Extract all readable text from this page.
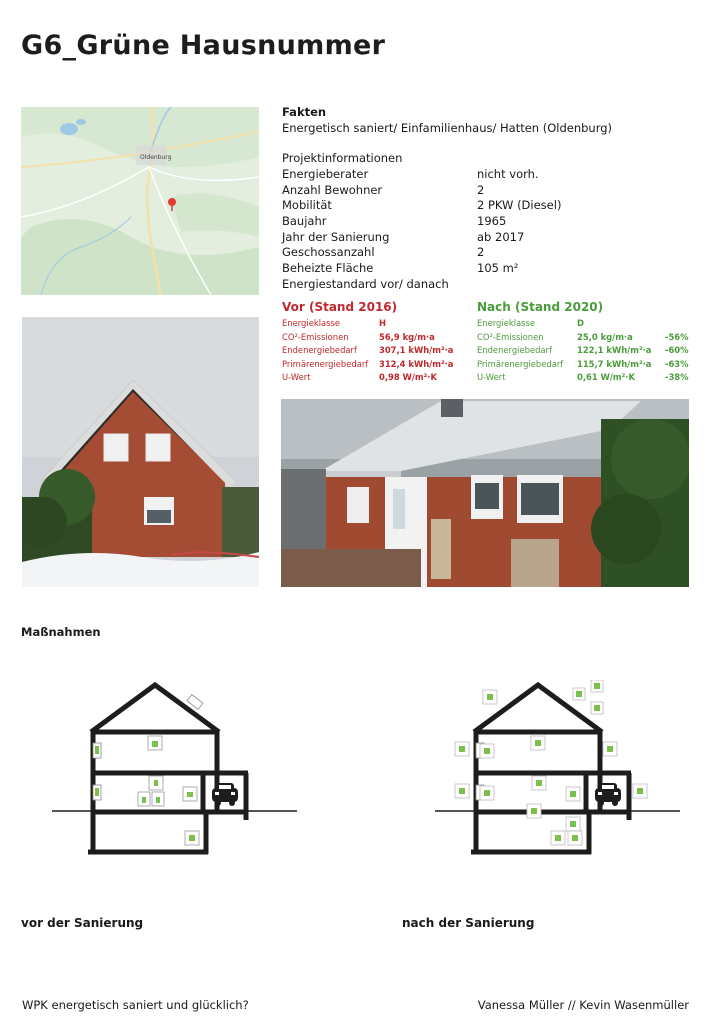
G6_Grüne Hausnummer
Oldenburg
Fakten
Energetisch saniert/ Einfamilienhaus/ Hatten (Oldenburg)
Projektinformationen
Energieberater	nicht vorh.
Anzahl Bewohner	2
Mobilität	2 PKW (Diesel)
Baujahr	1965
Jahr der Sanierung	ab 2017
Geschossanzahl	2
Beheizte Fläche	105 m²
Energiestandard vor/ danach
Vor (Stand 2016)	Nach (Stand 2020)
Energieklasse	H
CO²-Emissionen	56,9 kg/m·a
Endenergiebedarf	307,1 kWh/m²·a
Primärenergiebedarf 312,4 kWh/m²·a
U-Wert	0,98 W/m²·K
Energieklasse	D
CO²-Emissionen	25,0 kg/m·a	-56%
Endenergiebedarf	122,1 kWh/m²·a -60%
Primärenergiebedarf 115,7 kWh/m²·a -63%
U-Wert	0,61 W/m²·K	-38%
Maßnahmen
vor der Sanierung	nach der Sanierung
WPK energetisch saniert und glücklich?	Vanessa Müller // Kevin Wasenmüller
